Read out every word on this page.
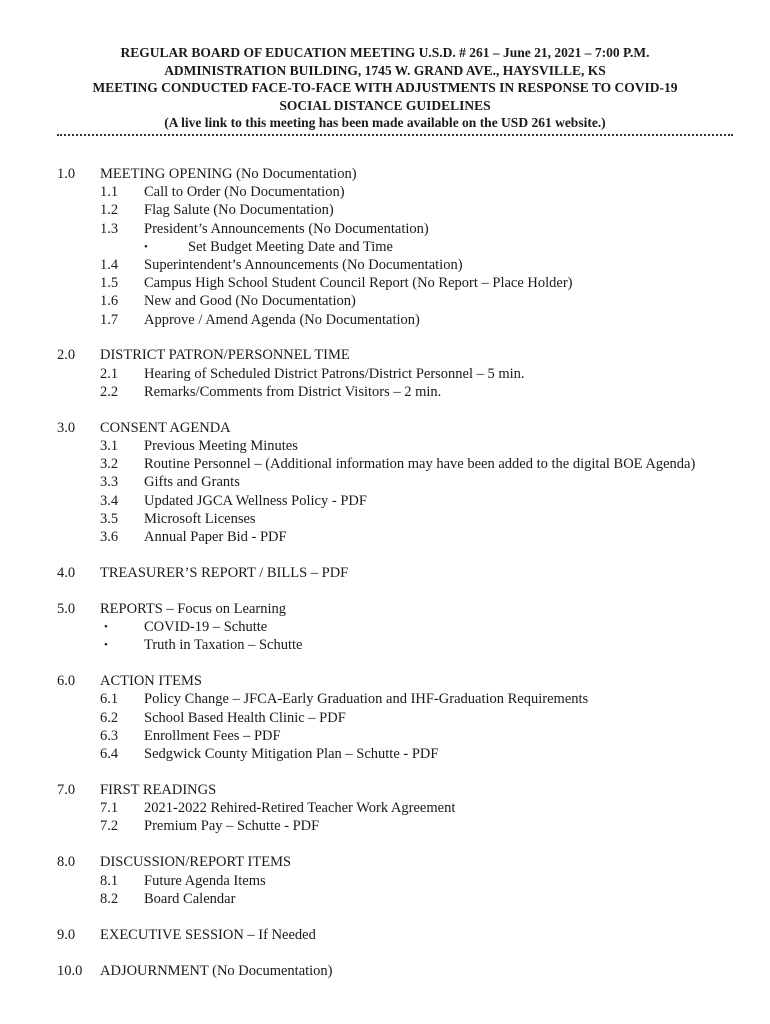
REGULAR BOARD OF EDUCATION MEETING U.S.D. # 261 – June 21, 2021 – 7:00 P.M.
ADMINISTRATION BUILDING, 1745 W. GRAND AVE., HAYSVILLE, KS
MEETING CONDUCTED FACE-TO-FACE WITH ADJUSTMENTS IN RESPONSE TO COVID-19
SOCIAL DISTANCE GUIDELINES
(A live link to this meeting has been made available on the USD 261 website.)
1.0 MEETING OPENING (No Documentation)
1.1 Call to Order (No Documentation)
1.2 Flag Salute (No Documentation)
1.3 President’s Announcements (No Documentation)
•	Set Budget Meeting Date and Time
1.4 Superintendent’s Announcements (No Documentation)
1.5 Campus High School Student Council Report (No Report – Place Holder)
1.6 New and Good (No Documentation)
1.7 Approve / Amend Agenda (No Documentation)
2.0 DISTRICT PATRON/PERSONNEL TIME
2.1 Hearing of Scheduled District Patrons/District Personnel – 5 min.
2.2 Remarks/Comments from District Visitors – 2 min.
3.0 CONSENT AGENDA
3.1 Previous Meeting Minutes
3.2 Routine Personnel – (Additional information may have been added to the digital BOE Agenda)
3.3 Gifts and Grants
3.4 Updated JGCA Wellness Policy - PDF
3.5 Microsoft Licenses
3.6 Annual Paper Bid - PDF
4.0 TREASURER’S REPORT / BILLS – PDF
5.0 REPORTS – Focus on Learning
• COVID-19 – Schutte
• Truth in Taxation – Schutte
6.0 ACTION ITEMS
6.1 Policy Change – JFCA-Early Graduation and IHF-Graduation Requirements
6.2 School Based Health Clinic – PDF
6.3 Enrollment Fees – PDF
6.4 Sedgwick County Mitigation Plan – Schutte - PDF
7.0 FIRST READINGS
7.1 2021-2022 Rehired-Retired Teacher Work Agreement
7.2 Premium Pay – Schutte - PDF
8.0 DISCUSSION/REPORT ITEMS
8.1 Future Agenda Items
8.2 Board Calendar
9.0 EXECUTIVE SESSION – If Needed
10.0 ADJOURNMENT (No Documentation)
